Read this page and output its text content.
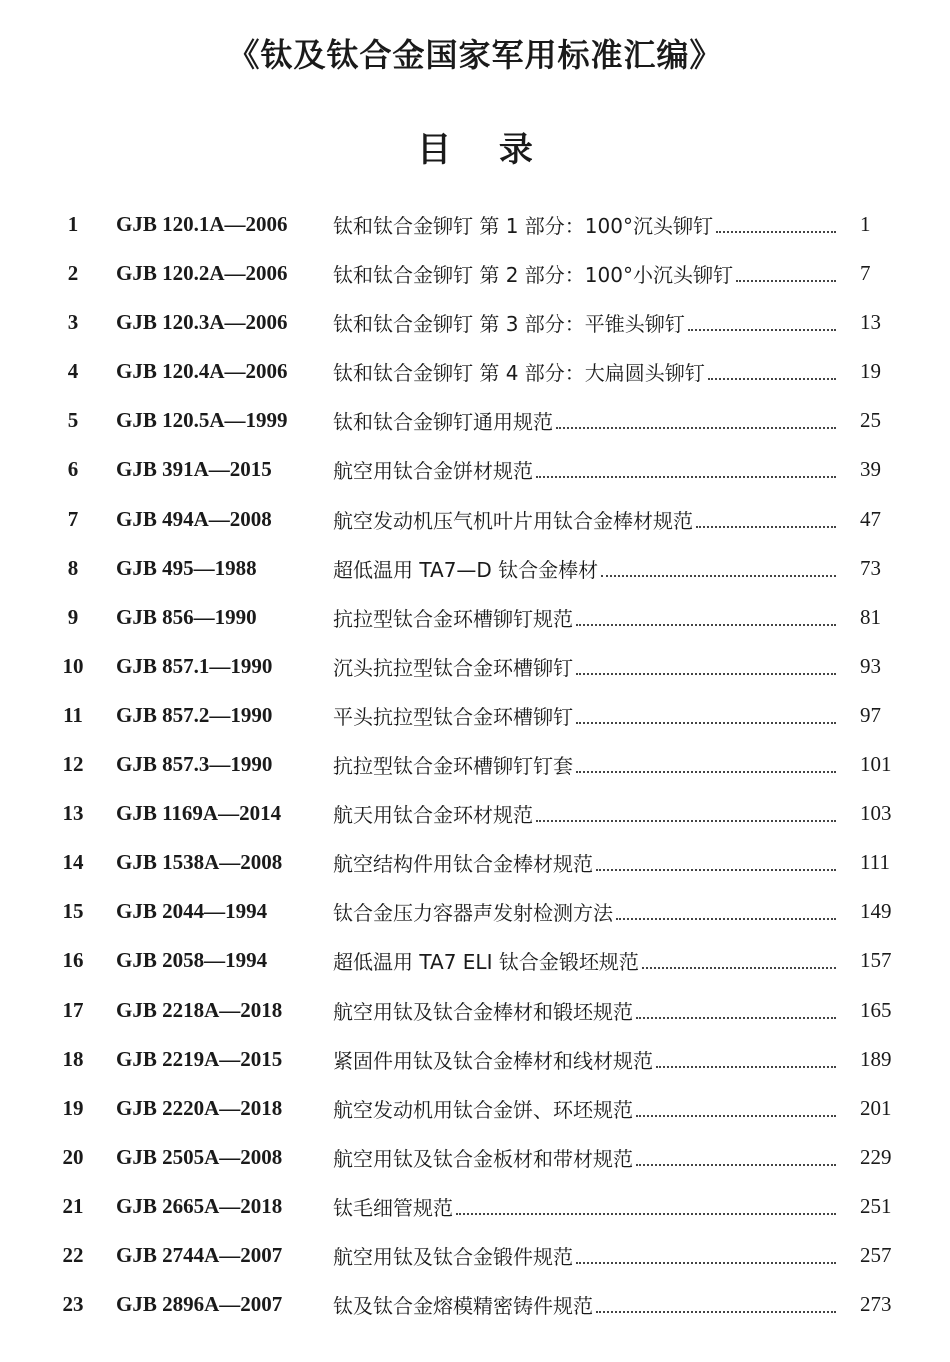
《钛及钛合金国家军用标准汇编》
目 录
1	GJB 120.1A—2006 钛和钛合金铆钉 第 1 部分：100°沉头铆钉	1
2	GJB 120.2A—2006 钛和钛合金铆钉 第 2 部分：100°小沉头铆钉	7
3	GJB 120.3A—2006 钛和钛合金铆钉 第 3 部分：平锥头铆钉	13
4	GJB 120.4A—2006 钛和钛合金铆钉 第 4 部分：大扁圆头铆钉	19
5	GJB 120.5A—1999 钛和钛合金铆钉通用规范	25
6	GJB 391A—2015	航空用钛合金饼材规范	39
7	GJB 494A—2008	航空发动机压气机叶片用钛合金棒材规范	47
8	GJB 495—1988	超低温用 TA7—D 钛合金棒材	73
9	GJB 856—1990	抗拉型钛合金环槽铆钉规范	81
10	GJB 857.1—1990	沉头抗拉型钛合金环槽铆钉	93
11	GJB 857.2—1990	平头抗拉型钛合金环槽铆钉	97
12	GJB 857.3—1990	抗拉型钛合金环槽铆钉钉套	101
13	GJB 1169A—2014	航天用钛合金环材规范	103
14	GJB 1538A—2008	航空结构件用钛合金棒材规范	111
15	GJB 2044—1994	钛合金压力容器声发射检测方法	149
16	GJB 2058—1994	超低温用 TA7 ELI 钛合金锻坯规范	157
17	GJB 2218A—2018	航空用钛及钛合金棒材和锻坯规范	165
18	GJB 2219A—2015	紧固件用钛及钛合金棒材和线材规范	189
19	GJB 2220A—2018	航空发动机用钛合金饼、环坯规范	201
20	GJB 2505A—2008	航空用钛及钛合金板材和带材规范	229
21	GJB 2665A—2018	钛毛细管规范	251
22	GJB 2744A—2007	航空用钛及钛合金锻件规范	257
23	GJB 2896A—2007	钛及钛合金熔模精密铸件规范	273
